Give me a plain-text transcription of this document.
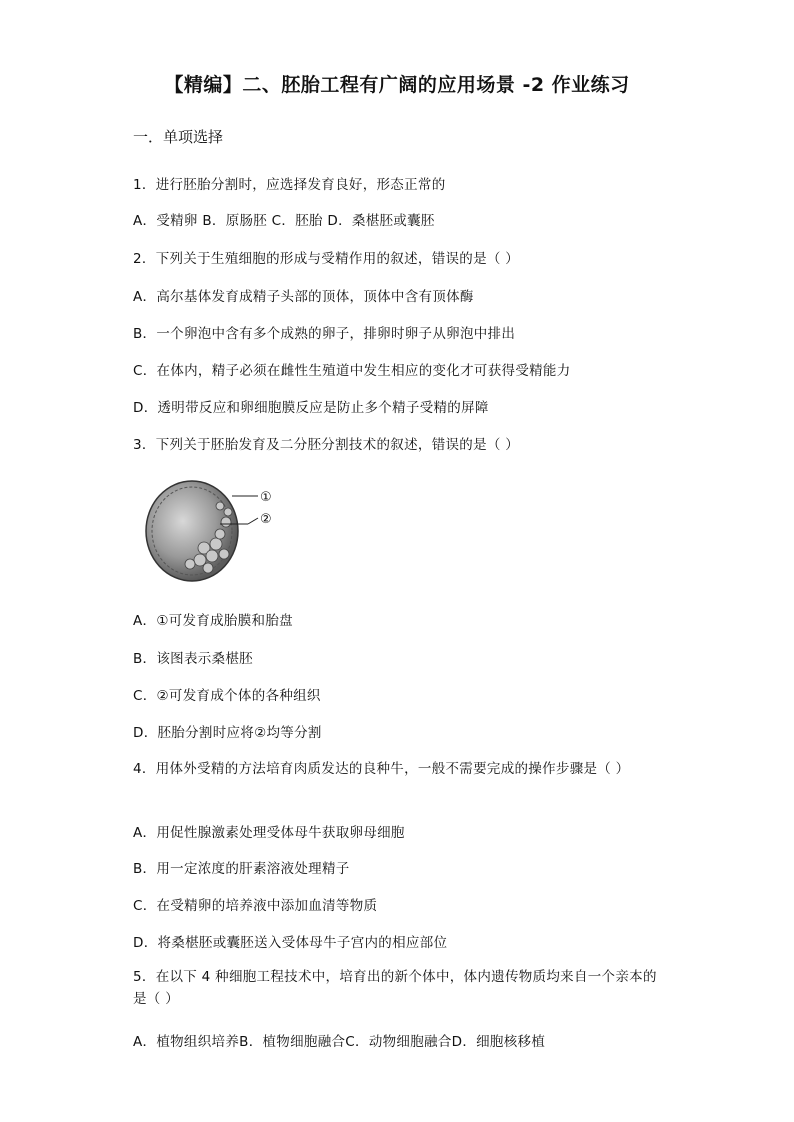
【精编】二、胚胎工程有广阔的应用场景 -2 作业练习
一．单项选择
1．进行胚胎分割时，应选择发育良好，形态正常的
A．受精卵 B．原肠胚 C．胚胎 D．桑椹胚或囊胚
2．下列关于生殖细胞的形成与受精作用的叙述，错误的是（ ）
A．高尔基体发育成精子头部的顶体，顶体中含有顶体酶
B．一个卵泡中含有多个成熟的卵子，排卵时卵子从卵泡中排出
C．在体内，精子必须在雌性生殖道中发生相应的变化才可获得受精能力
D．透明带反应和卵细胞膜反应是防止多个精子受精的屏障
3．下列关于胚胎发育及二分胚分割技术的叙述，错误的是（ ）
①
②
A．①可发育成胎膜和胎盘
B．该图表示桑椹胚
C．②可发育成个体的各种组织
D．胚胎分割时应将②均等分割
4．用体外受精的方法培育肉质发达的良种牛，一般不需要完成的操作步骤是（ ）
A．用促性腺激素处理受体母牛获取卵母细胞
B．用一定浓度的肝素溶液处理精子
C．在受精卵的培养液中添加血清等物质
D．将桑椹胚或囊胚送入受体母牛子宫内的相应部位
5．在以下 4 种细胞工程技术中，培育出的新个体中，体内遗传物质均来自一个亲本的是（ ）
A．植物组织培养B．植物细胞融合C．动物细胞融合D．细胞核移植
